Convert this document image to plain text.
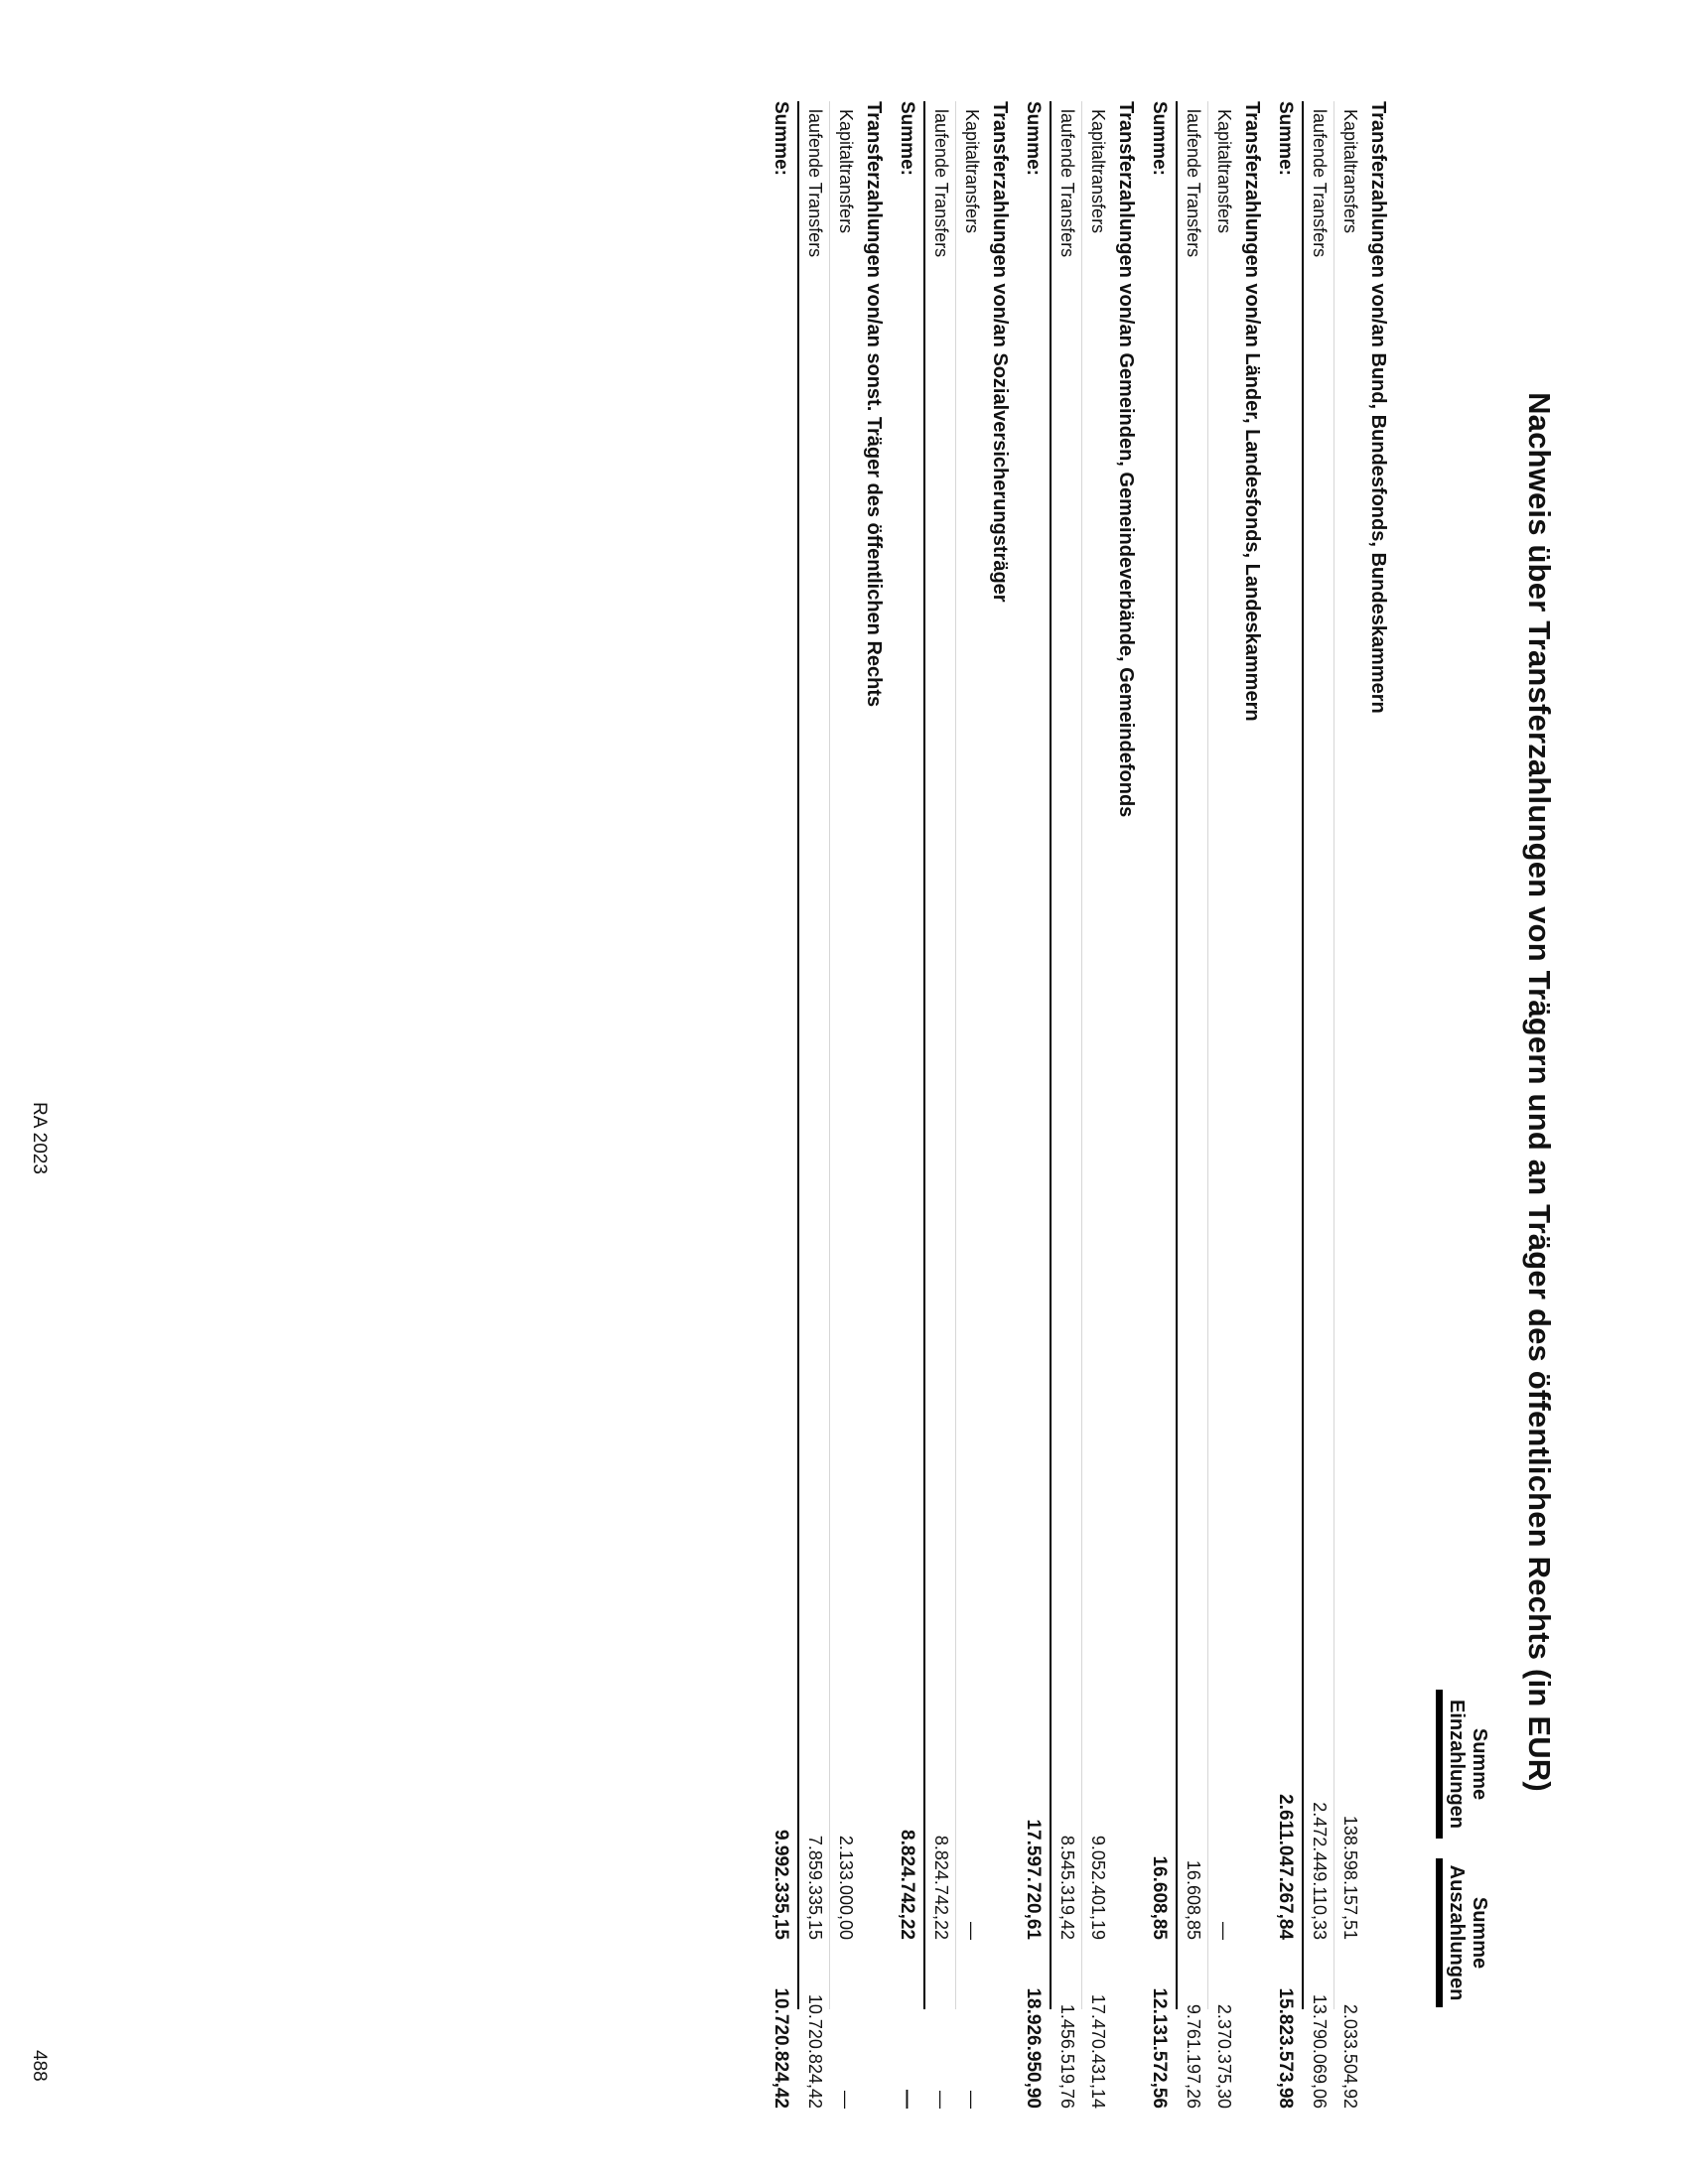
Nachweis über Transferzahlungen von Trägern und an Träger des öffentlichen Rechts (in EUR)
Summe
Einzahlungen
Summe
Auszahlungen
Transferzahlungen von/an Bund, Bundesfonds, Bundeskammern
Kapitaltransfers
138.598.157,51
2.033.504,92
laufende Transfers
2.472.449.110,33
13.790.069,06
Summe:
2.611.047.267,84
15.823.573,98
Transferzahlungen von/an Länder, Landesfonds, Landeskammern
Kapitaltransfers
—
2.370.375,30
laufende Transfers
16.608,85
9.761.197,26
Summe:
16.608,85
12.131.572,56
Transferzahlungen von/an Gemeinden, Gemeindeverbände, Gemeindefonds
Kapitaltransfers
9.052.401,19
17.470.431,14
laufende Transfers
8.545.319,42
1.456.519,76
Summe:
17.597.720,61
18.926.950,90
Transferzahlungen von/an Sozialversicherungsträger
Kapitaltransfers
—
—
laufende Transfers
8.824.742,22
—
Summe:
8.824.742,22
—
Transferzahlungen von/an sonst. Träger des öffentlichen Rechts
Kapitaltransfers
2.133.000,00
—
laufende Transfers
7.859.335,15
10.720.824,42
Summe:
9.992.335,15
10.720.824,42
RA 2023
488
